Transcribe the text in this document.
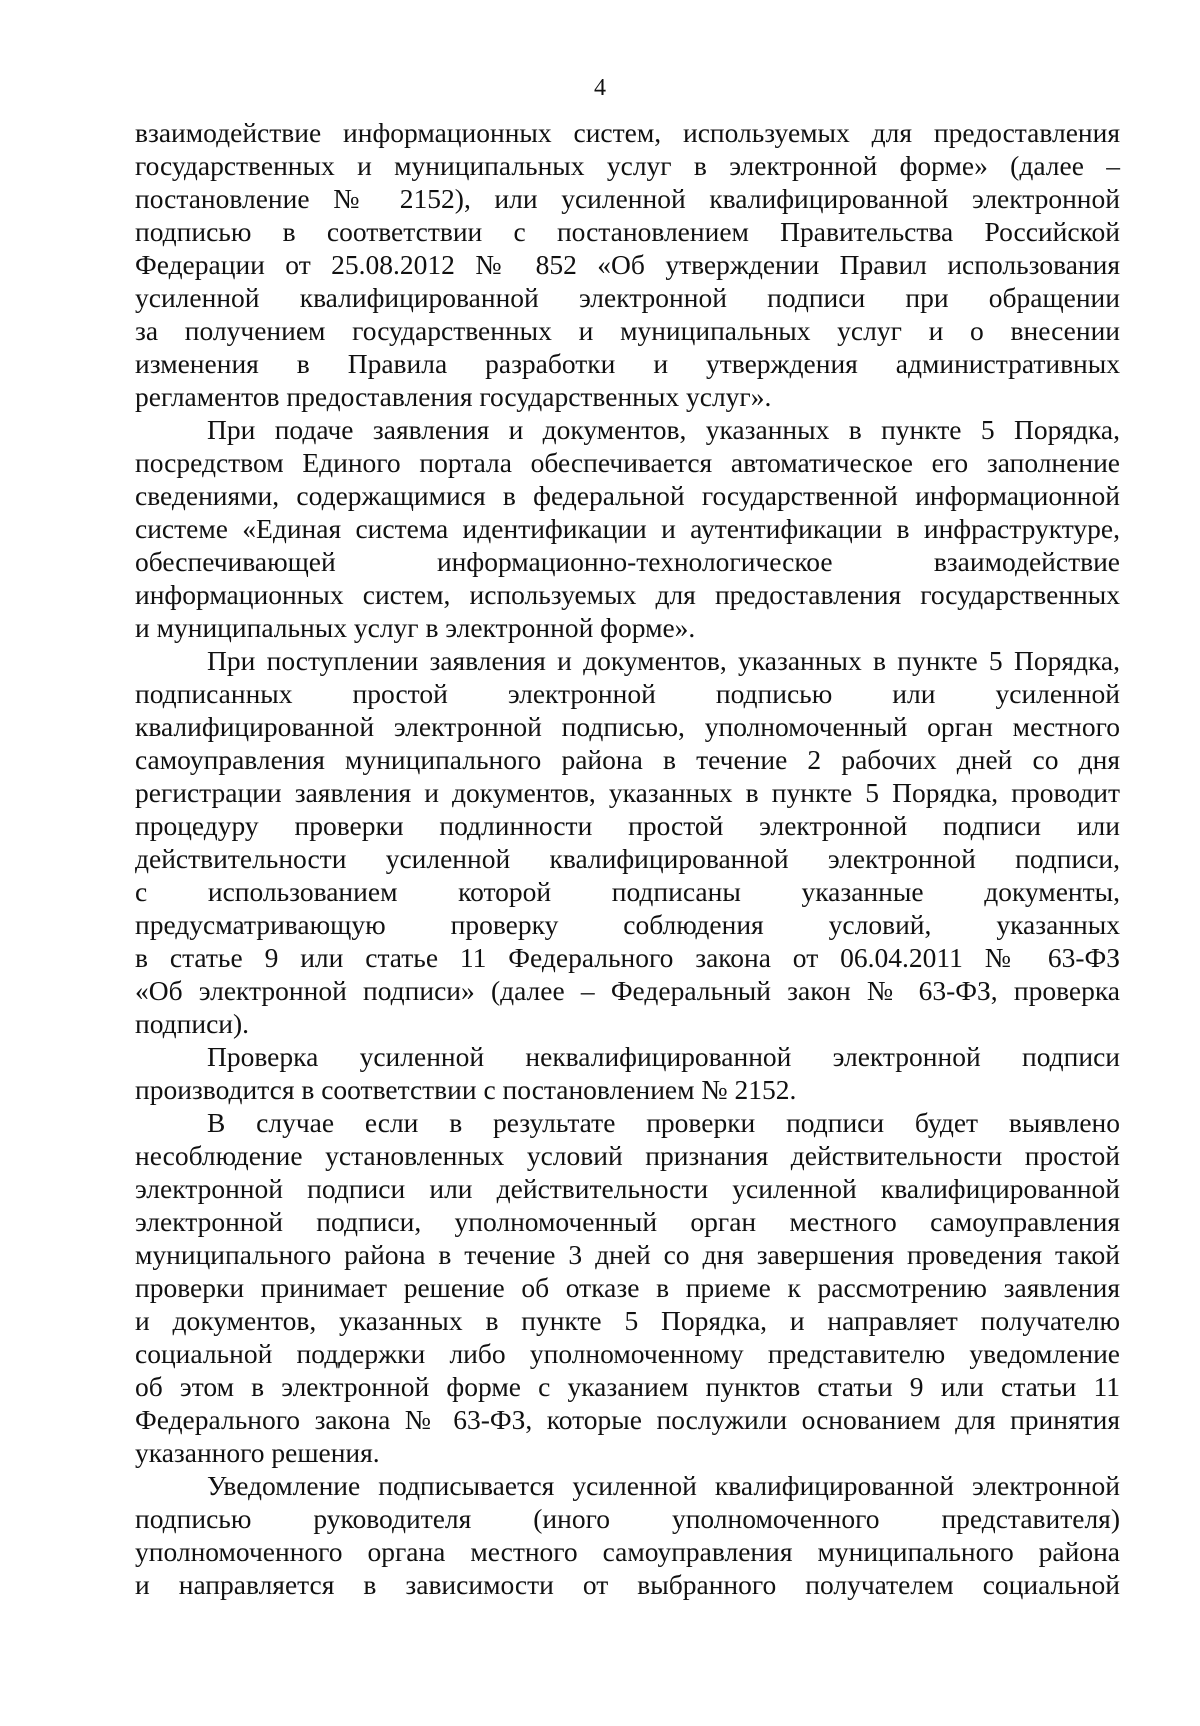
4
взаимодействие информационных систем, используемых для предоставления
государственных и муниципальных услуг в электронной форме» (далее –
постановление № 2152), или усиленной квалифицированной электронной
подписью в соответствии с постановлением Правительства Российской
Федерации от 25.08.2012 № 852 «Об утверждении Правил использования
усиленной квалифицированной электронной подписи при обращении
за получением государственных и муниципальных услуг и о внесении
изменения в Правила разработки и утверждения административных
регламентов предоставления государственных услуг».
При подаче заявления и документов, указанных в пункте 5 Порядка,
посредством Единого портала обеспечивается автоматическое его заполнение
сведениями, содержащимися в федеральной государственной информационной
системе «Единая система идентификации и аутентификации в инфраструктуре,
обеспечивающей информационно-технологическое взаимодействие
информационных систем, используемых для предоставления государственных
и муниципальных услуг в электронной форме».
При поступлении заявления и документов, указанных в пункте 5 Порядка,
подписанных простой электронной подписью или усиленной
квалифицированной электронной подписью, уполномоченный орган местного
самоуправления муниципального района в течение 2 рабочих дней со дня
регистрации заявления и документов, указанных в пункте 5 Порядка, проводит
процедуру проверки подлинности простой электронной подписи или
действительности усиленной квалифицированной электронной подписи,
с использованием которой подписаны указанные документы,
предусматривающую проверку соблюдения условий, указанных
в статье 9 или статье 11 Федерального закона от 06.04.2011 № 63-ФЗ
«Об электронной подписи» (далее – Федеральный закон № 63-ФЗ, проверка
подписи).
Проверка усиленной неквалифицированной электронной подписи
производится в соответствии с постановлением № 2152.
В случае если в результате проверки подписи будет выявлено
несоблюдение установленных условий признания действительности простой
электронной подписи или действительности усиленной квалифицированной
электронной подписи, уполномоченный орган местного самоуправления
муниципального района в течение 3 дней со дня завершения проведения такой
проверки принимает решение об отказе в приеме к рассмотрению заявления
и документов, указанных в пункте 5 Порядка, и направляет получателю
социальной поддержки либо уполномоченному представителю уведомление
об этом в электронной форме с указанием пунктов статьи 9 или статьи 11
Федерального закона № 63-ФЗ, которые послужили основанием для принятия
указанного решения.
Уведомление подписывается усиленной квалифицированной электронной
подписью руководителя (иного уполномоченного представителя)
уполномоченного органа местного самоуправления муниципального района
и направляется в зависимости от выбранного получателем социальной
